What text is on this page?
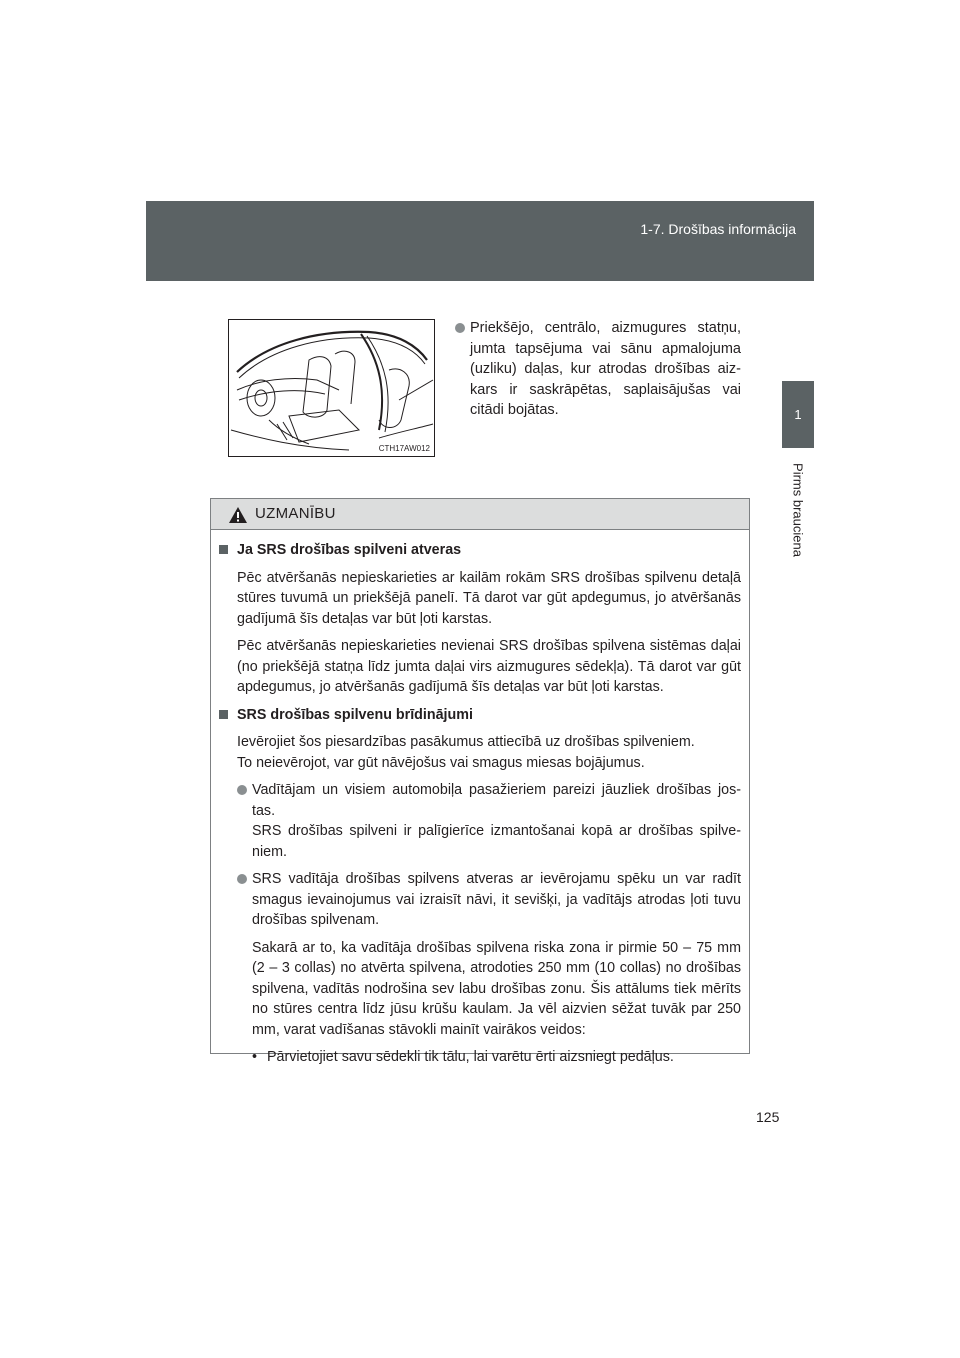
1-7. Drošības informācija
1
Pirms brauciena
CTH17AW012
Priekšējo, centrālo, aizmugures statņu, jumta tapsējuma vai sānu apmalojuma (uzliku) daļas, kur atrodas drošības aiz-kars ir saskrāpētas, saplaisājušas vai citādi bojātas.
UZMANĪBU
Ja SRS drošības spilveni atveras
Pēc atvēršanās nepieskarieties ar kailām rokām SRS drošības spilvenu detaļā stūres tuvumā un priekšējā panelī. Tā darot var gūt apdegumus, jo atvēršanās gadījumā šīs detaļas var būt ļoti karstas.
Pēc atvēršanās nepieskarieties nevienai SRS drošības spilvena sistēmas daļai (no priekšējā statņa līdz jumta daļai virs aizmugures sēdekļa). Tā darot var gūt apdegumus, jo atvēršanās gadījumā šīs detaļas var būt ļoti karstas.
SRS drošības spilvenu brīdinājumi
Ievērojiet šos piesardzības pasākumus attiecībā uz drošības spilveniem.
To neievērojot, var gūt nāvējošus vai smagus miesas bojājumus.
Vadītājam un visiem automobiļa pasažieriem pareizi jāuzliek drošības jos-tas.
SRS drošības spilveni ir palīgierīce izmantošanai kopā ar drošības spilve-niem.
SRS vadītāja drošības spilvens atveras ar ievērojamu spēku un var radīt smagus ievainojumus vai izraisīt nāvi, it sevišķi, ja vadītājs atrodas ļoti tuvu drošības spilvenam.
Sakarā ar to, ka vadītāja drošības spilvena riska zona ir pirmie 50 – 75 mm (2 – 3 collas) no atvērta spilvena, atrodoties 250 mm (10 collas) no drošības spilvena, vadītās nodrošina sev labu drošības zonu. Šis attālums tiek mērīts no stūres centra līdz jūsu krūšu kaulam. Ja vēl aizvien sēžat tuvāk par 250 mm, varat vadīšanas stāvokli mainīt vairākos veidos:
• Pārvietojiet savu sēdekli tik tālu, lai varētu ērti aizsniegt pedāļus.
125
